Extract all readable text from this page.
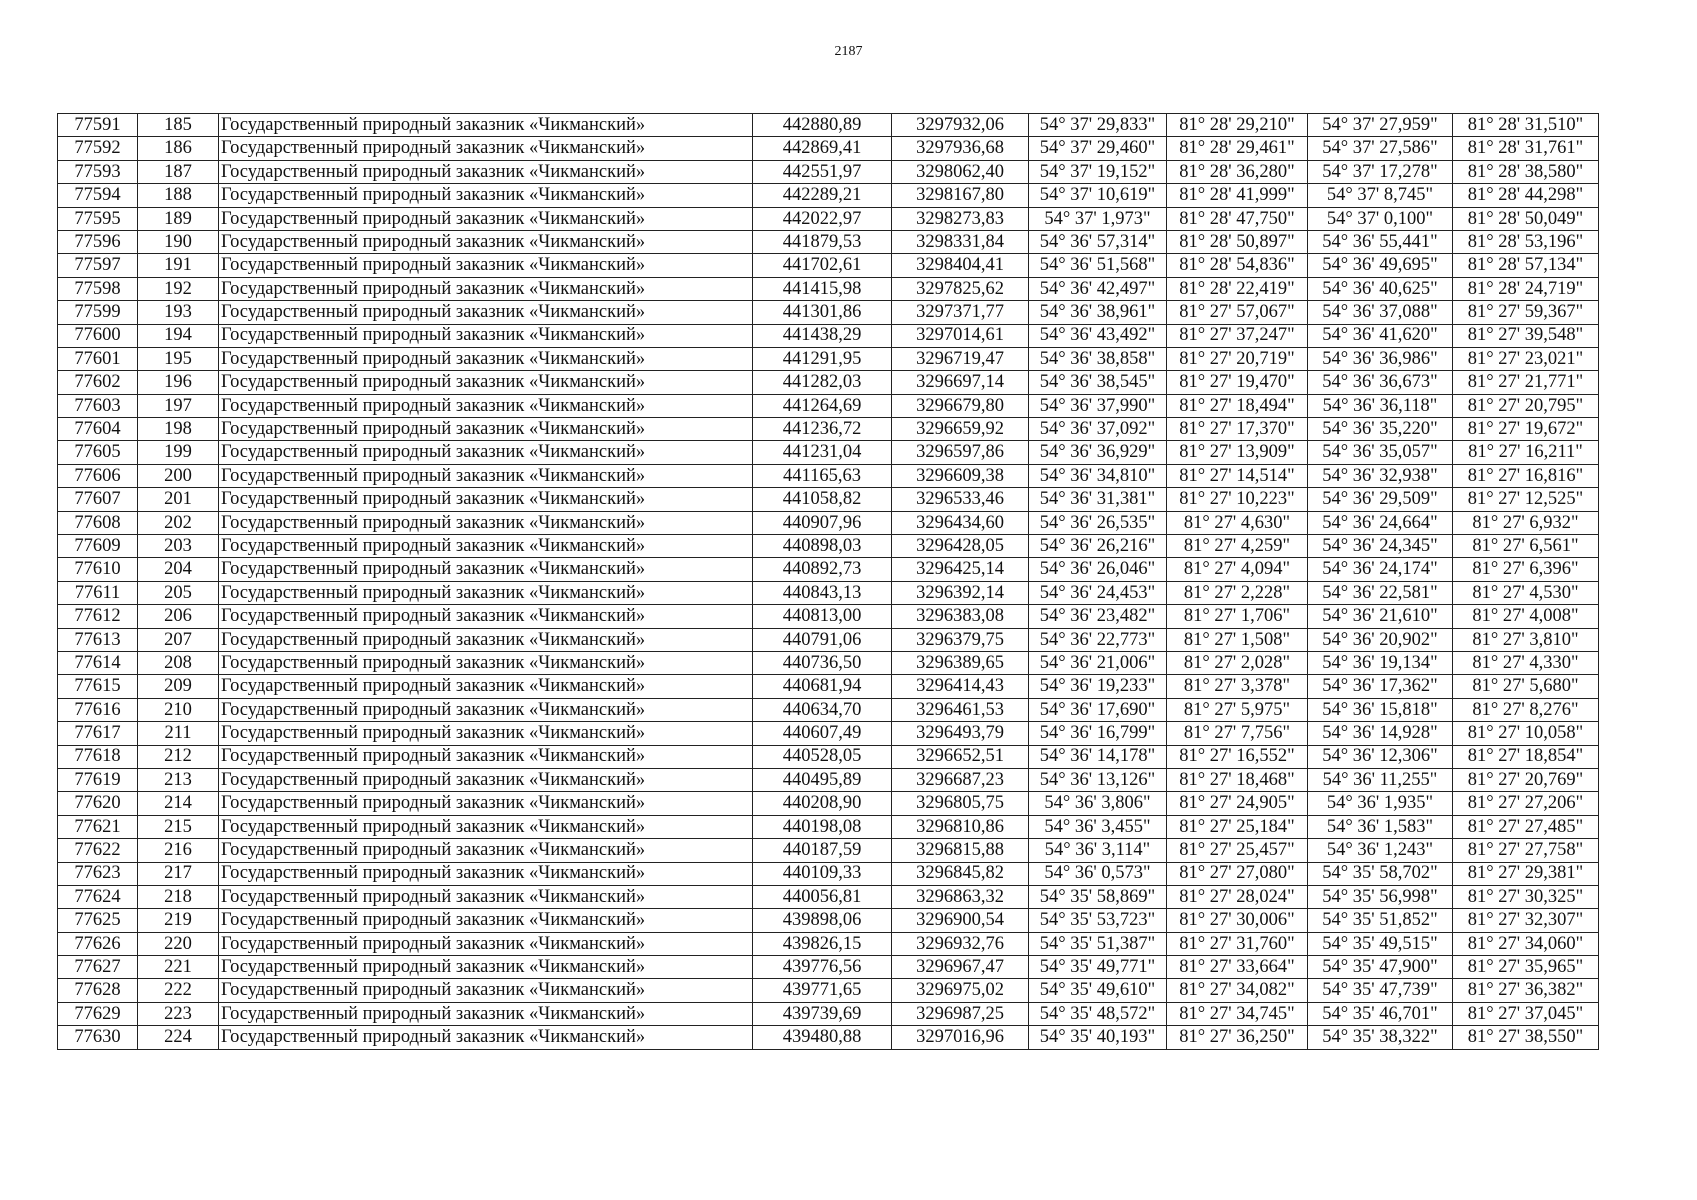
2187
77591	185	Государственный природный заказник «Чикманский»	442880,89	3297932,06	54° 37' 29,833"	81° 28' 29,210"	54° 37' 27,959"	81° 28' 31,510"
77592	186	Государственный природный заказник «Чикманский»	442869,41	3297936,68	54° 37' 29,460"	81° 28' 29,461"	54° 37' 27,586"	81° 28' 31,761"
77593	187	Государственный природный заказник «Чикманский»	442551,97	3298062,40	54° 37' 19,152"	81° 28' 36,280"	54° 37' 17,278"	81° 28' 38,580"
77594	188	Государственный природный заказник «Чикманский»	442289,21	3298167,80	54° 37' 10,619"	81° 28' 41,999"	54° 37' 8,745"	81° 28' 44,298"
77595	189	Государственный природный заказник «Чикманский»	442022,97	3298273,83	54° 37' 1,973"	81° 28' 47,750"	54° 37' 0,100"	81° 28' 50,049"
77596	190	Государственный природный заказник «Чикманский»	441879,53	3298331,84	54° 36' 57,314"	81° 28' 50,897"	54° 36' 55,441"	81° 28' 53,196"
77597	191	Государственный природный заказник «Чикманский»	441702,61	3298404,41	54° 36' 51,568"	81° 28' 54,836"	54° 36' 49,695"	81° 28' 57,134"
77598	192	Государственный природный заказник «Чикманский»	441415,98	3297825,62	54° 36' 42,497"	81° 28' 22,419"	54° 36' 40,625"	81° 28' 24,719"
77599	193	Государственный природный заказник «Чикманский»	441301,86	3297371,77	54° 36' 38,961"	81° 27' 57,067"	54° 36' 37,088"	81° 27' 59,367"
77600	194	Государственный природный заказник «Чикманский»	441438,29	3297014,61	54° 36' 43,492"	81° 27' 37,247"	54° 36' 41,620"	81° 27' 39,548"
77601	195	Государственный природный заказник «Чикманский»	441291,95	3296719,47	54° 36' 38,858"	81° 27' 20,719"	54° 36' 36,986"	81° 27' 23,021"
77602	196	Государственный природный заказник «Чикманский»	441282,03	3296697,14	54° 36' 38,545"	81° 27' 19,470"	54° 36' 36,673"	81° 27' 21,771"
77603	197	Государственный природный заказник «Чикманский»	441264,69	3296679,80	54° 36' 37,990"	81° 27' 18,494"	54° 36' 36,118"	81° 27' 20,795"
77604	198	Государственный природный заказник «Чикманский»	441236,72	3296659,92	54° 36' 37,092"	81° 27' 17,370"	54° 36' 35,220"	81° 27' 19,672"
77605	199	Государственный природный заказник «Чикманский»	441231,04	3296597,86	54° 36' 36,929"	81° 27' 13,909"	54° 36' 35,057"	81° 27' 16,211"
77606	200	Государственный природный заказник «Чикманский»	441165,63	3296609,38	54° 36' 34,810"	81° 27' 14,514"	54° 36' 32,938"	81° 27' 16,816"
77607	201	Государственный природный заказник «Чикманский»	441058,82	3296533,46	54° 36' 31,381"	81° 27' 10,223"	54° 36' 29,509"	81° 27' 12,525"
77608	202	Государственный природный заказник «Чикманский»	440907,96	3296434,60	54° 36' 26,535"	81° 27' 4,630"	54° 36' 24,664"	81° 27' 6,932"
77609	203	Государственный природный заказник «Чикманский»	440898,03	3296428,05	54° 36' 26,216"	81° 27' 4,259"	54° 36' 24,345"	81° 27' 6,561"
77610	204	Государственный природный заказник «Чикманский»	440892,73	3296425,14	54° 36' 26,046"	81° 27' 4,094"	54° 36' 24,174"	81° 27' 6,396"
77611	205	Государственный природный заказник «Чикманский»	440843,13	3296392,14	54° 36' 24,453"	81° 27' 2,228"	54° 36' 22,581"	81° 27' 4,530"
77612	206	Государственный природный заказник «Чикманский»	440813,00	3296383,08	54° 36' 23,482"	81° 27' 1,706"	54° 36' 21,610"	81° 27' 4,008"
77613	207	Государственный природный заказник «Чикманский»	440791,06	3296379,75	54° 36' 22,773"	81° 27' 1,508"	54° 36' 20,902"	81° 27' 3,810"
77614	208	Государственный природный заказник «Чикманский»	440736,50	3296389,65	54° 36' 21,006"	81° 27' 2,028"	54° 36' 19,134"	81° 27' 4,330"
77615	209	Государственный природный заказник «Чикманский»	440681,94	3296414,43	54° 36' 19,233"	81° 27' 3,378"	54° 36' 17,362"	81° 27' 5,680"
77616	210	Государственный природный заказник «Чикманский»	440634,70	3296461,53	54° 36' 17,690"	81° 27' 5,975"	54° 36' 15,818"	81° 27' 8,276"
77617	211	Государственный природный заказник «Чикманский»	440607,49	3296493,79	54° 36' 16,799"	81° 27' 7,756"	54° 36' 14,928"	81° 27' 10,058"
77618	212	Государственный природный заказник «Чикманский»	440528,05	3296652,51	54° 36' 14,178"	81° 27' 16,552"	54° 36' 12,306"	81° 27' 18,854"
77619	213	Государственный природный заказник «Чикманский»	440495,89	3296687,23	54° 36' 13,126"	81° 27' 18,468"	54° 36' 11,255"	81° 27' 20,769"
77620	214	Государственный природный заказник «Чикманский»	440208,90	3296805,75	54° 36' 3,806"	81° 27' 24,905"	54° 36' 1,935"	81° 27' 27,206"
77621	215	Государственный природный заказник «Чикманский»	440198,08	3296810,86	54° 36' 3,455"	81° 27' 25,184"	54° 36' 1,583"	81° 27' 27,485"
77622	216	Государственный природный заказник «Чикманский»	440187,59	3296815,88	54° 36' 3,114"	81° 27' 25,457"	54° 36' 1,243"	81° 27' 27,758"
77623	217	Государственный природный заказник «Чикманский»	440109,33	3296845,82	54° 36' 0,573"	81° 27' 27,080"	54° 35' 58,702"	81° 27' 29,381"
77624	218	Государственный природный заказник «Чикманский»	440056,81	3296863,32	54° 35' 58,869"	81° 27' 28,024"	54° 35' 56,998"	81° 27' 30,325"
77625	219	Государственный природный заказник «Чикманский»	439898,06	3296900,54	54° 35' 53,723"	81° 27' 30,006"	54° 35' 51,852"	81° 27' 32,307"
77626	220	Государственный природный заказник «Чикманский»	439826,15	3296932,76	54° 35' 51,387"	81° 27' 31,760"	54° 35' 49,515"	81° 27' 34,060"
77627	221	Государственный природный заказник «Чикманский»	439776,56	3296967,47	54° 35' 49,771"	81° 27' 33,664"	54° 35' 47,900"	81° 27' 35,965"
77628	222	Государственный природный заказник «Чикманский»	439771,65	3296975,02	54° 35' 49,610"	81° 27' 34,082"	54° 35' 47,739"	81° 27' 36,382"
77629	223	Государственный природный заказник «Чикманский»	439739,69	3296987,25	54° 35' 48,572"	81° 27' 34,745"	54° 35' 46,701"	81° 27' 37,045"
77630	224	Государственный природный заказник «Чикманский»	439480,88	3297016,96	54° 35' 40,193"	81° 27' 36,250"	54° 35' 38,322"	81° 27' 38,550"
